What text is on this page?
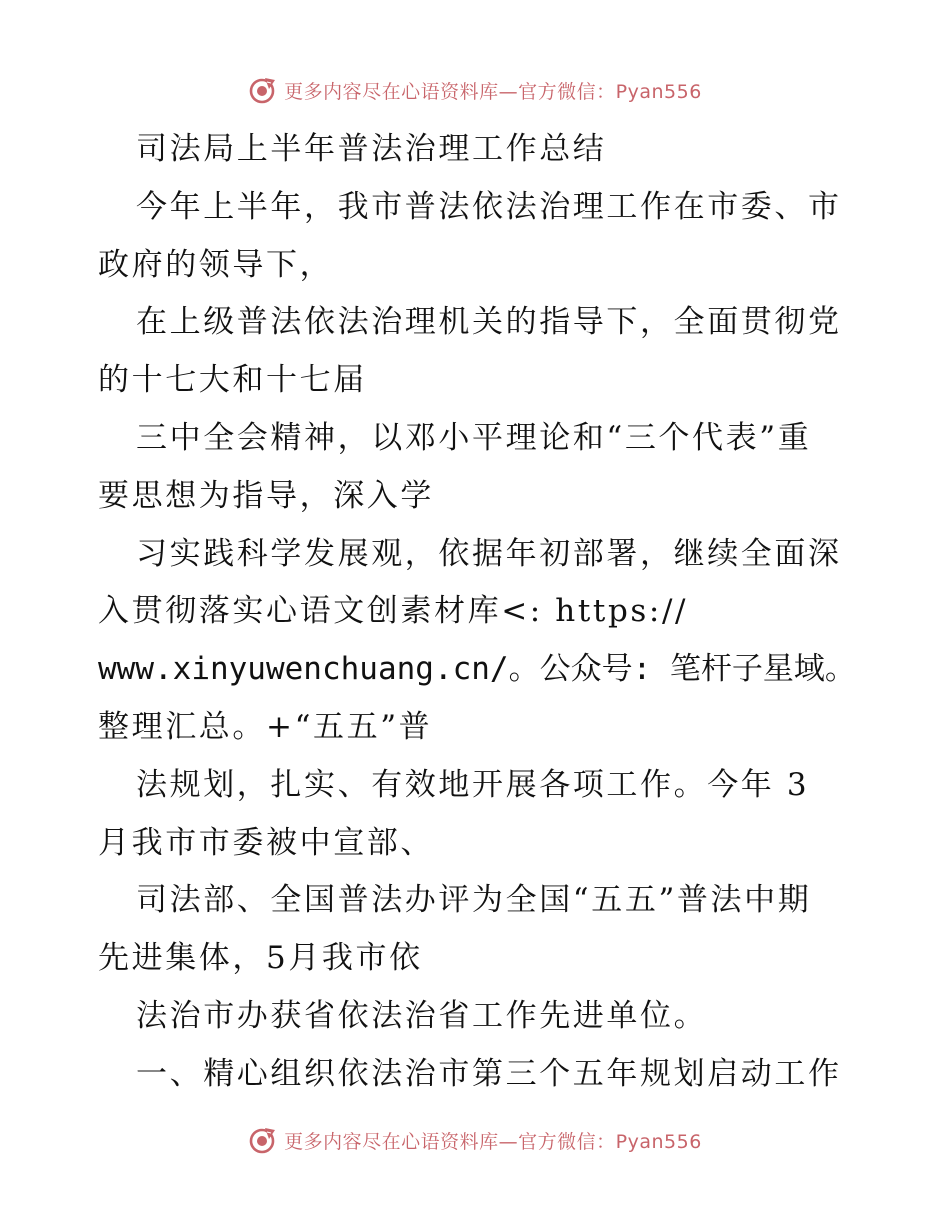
更多内容尽在心语资料库—官方微信：Pyan556
司法局上半年普法治理工作总结
今年上半年，我市普法依法治理工作在市委、市
政府的领导下，
在上级普法依法治理机关的指导下，全面贯彻党
的十七大和十七届
三中全会精神，以邓小平理论和“三个代表”重
要思想为指导，深入学
习实践科学发展观，依据年初部署，继续全面深
入贯彻落实心语文创素材库<: https://
www.xinyuwenchuang.cn/。公众号: 笔杆子星域。
整理汇总。+“五五”普
法规划，扎实、有效地开展各项工作。今年 3
月我市市委被中宣部、
司法部、全国普法办评为全国“五五”普法中期
先进集体，5月我市依
法治市办获省依法治省工作先进单位。
一、精心组织依法治市第三个五年规划启动工作
更多内容尽在心语资料库—官方微信：Pyan556
